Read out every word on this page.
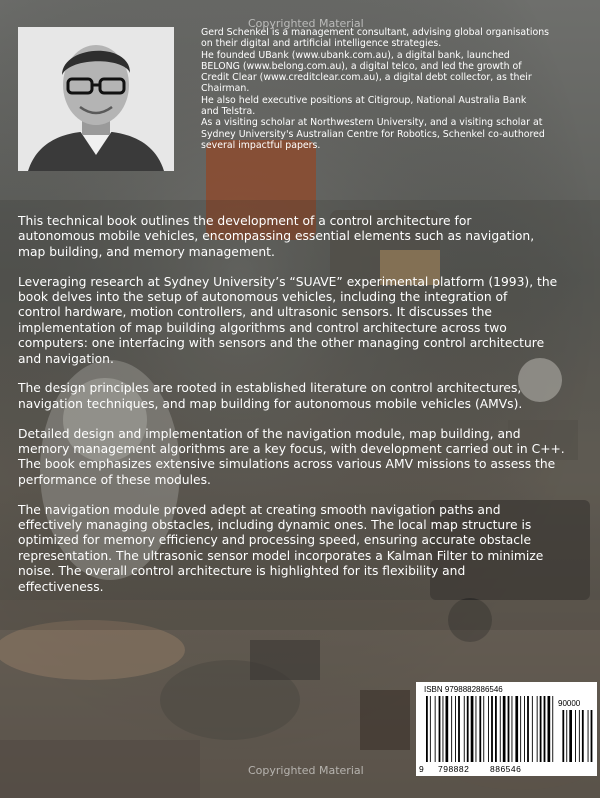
Copyrighted Material
Gerd Schenkel is a management consultant, advising global organisations
on their digital and artificial intelligence strategies.
He founded UBank (www.ubank.com.au), a digital bank, launched
BELONG (www.belong.com.au), a digital telco, and led the growth of
Credit Clear (www.creditclear.com.au), a digital debt collector, as their
Chairman.
He also held executive positions at Citigroup, National Australia Bank
and Telstra.
As a visiting scholar at Northwestern University, and a visiting scholar at
Sydney University's Australian Centre for Robotics, Schenkel co-authored
several impactful papers.

This technical book outlines the development of a control architecture for
autonomous mobile vehicles, encompassing essential elements such as navigation,
map building, and memory management.

Leveraging research at Sydney University’s “SUAVE” experimental platform (1993), the
book delves into the setup of autonomous vehicles, including the integration of
control hardware, motion controllers, and ultrasonic sensors. It discusses the
implementation of map building algorithms and control architecture across two
computers: one interfacing with sensors and the other managing control architecture
and navigation.

The design principles are rooted in established literature on control architectures,
navigation techniques, and map building for autonomous mobile vehicles (AMVs).

Detailed design and implementation of the navigation module, map building, and
memory management algorithms are a key focus, with development carried out in C++.
The book emphasizes extensive simulations across various AMV missions to assess the
performance of these modules.

The navigation module proved adept at creating smooth navigation paths and
effectively managing obstacles, including dynamic ones. The local map structure is
optimized for memory efficiency and processing speed, ensuring accurate obstacle
representation. The ultrasonic sensor model incorporates a Kalman Filter to minimize
noise. The overall control architecture is highlighted for its flexibility and
effectiveness.

ISBN 9798882886546
90000
9 798882 886546
Copyrighted Material
